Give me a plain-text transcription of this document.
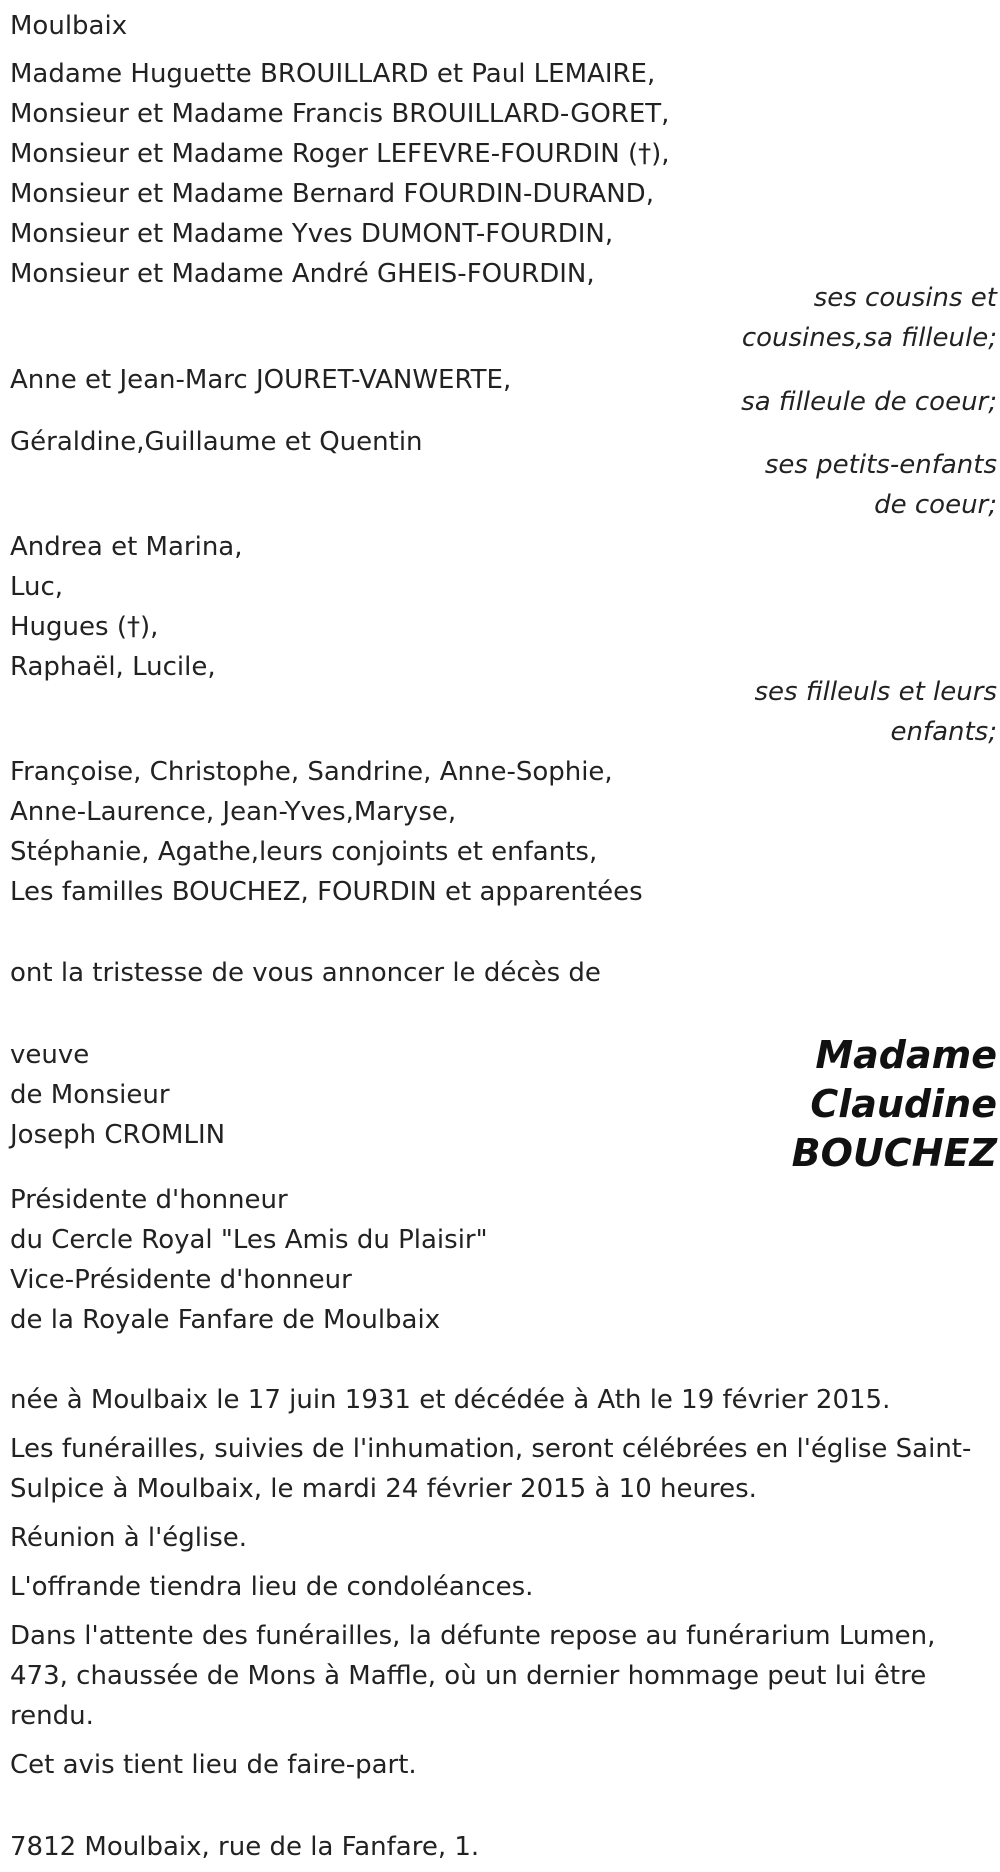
Moulbaix
Madame Huguette BROUILLARD et Paul LEMAIRE,
Monsieur et Madame Francis BROUILLARD-GORET,
Monsieur et Madame Roger LEFEVRE-FOURDIN (†),
Monsieur et Madame Bernard FOURDIN-DURAND,
Monsieur et Madame Yves DUMONT-FOURDIN,
Monsieur et Madame André GHEIS-FOURDIN,
ses cousins et
cousines,sa filleule;
Anne et Jean-Marc JOURET-VANWERTE,
sa filleule de coeur;
Géraldine,Guillaume et Quentin
ses petits-enfants
de coeur;
Andrea et Marina,
Luc,
Hugues (†),
Raphaël, Lucile,
ses filleuls et leurs
enfants;
Françoise, Christophe, Sandrine, Anne-Sophie,
Anne-Laurence, Jean-Yves,Maryse,
Stéphanie, Agathe,leurs conjoints et enfants,
Les familles BOUCHEZ, FOURDIN et apparentées
ont la tristesse de vous annoncer le décès de
veuve
de Monsieur
Joseph CROMLIN
Madame
Claudine
BOUCHEZ
Présidente d'honneur
du Cercle Royal "Les Amis du Plaisir"
Vice-Présidente d'honneur
de la Royale Fanfare de Moulbaix
née à Moulbaix le 17 juin 1931 et décédée à Ath le 19 février 2015.
Les funérailles, suivies de l'inhumation, seront célébrées en l'église Saint-Sulpice à Moulbaix, le mardi 24 février 2015 à 10 heures.
Réunion à l'église.
L'offrande tiendra lieu de condoléances.
Dans l'attente des funérailles, la défunte repose au funérarium Lumen, 473, chaussée de Mons à Maffle, où un dernier hommage peut lui être rendu.
Cet avis tient lieu de faire-part.
7812 Moulbaix, rue de la Fanfare, 1.
